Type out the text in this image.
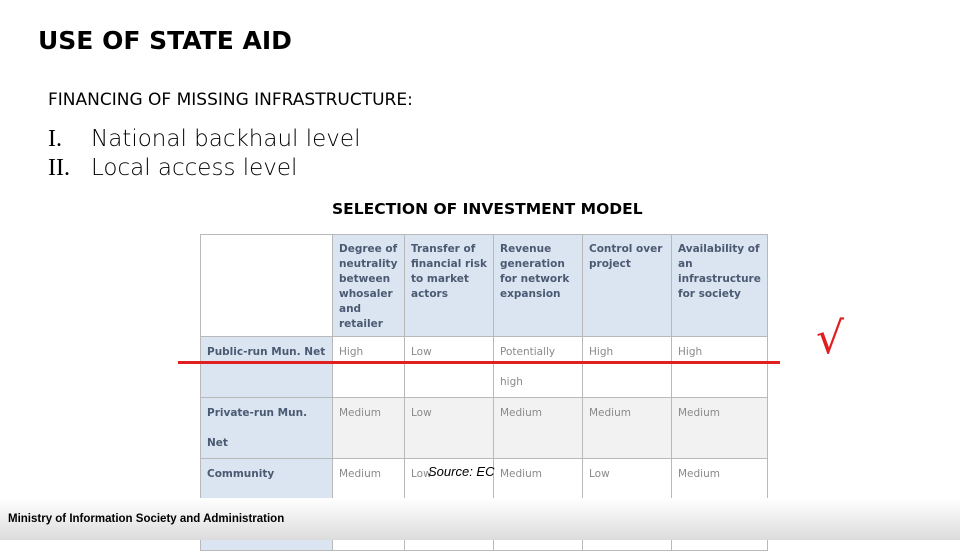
USE OF STATE AID
FINANCING OF MISSING INFRASTRUCTURE:
I.	National backhaul level
II. Local access level
SELECTION OF INVESTMENT MODEL
	Degree of neutrality between whosaler and retailer	Transfer of financial risk to market actors	Revenue generation for network expansion	Control over project	Availability of an infrastructure for society
Public-run Mun. Net	High	Low	Potentially high	High	High
Private-run Mun. Net	Medium	Low	Medium	Medium	Medium
Community	Medium	Low	Medium	Low	Medium

√
Source: EC
Ministry of Information Society and Administration
